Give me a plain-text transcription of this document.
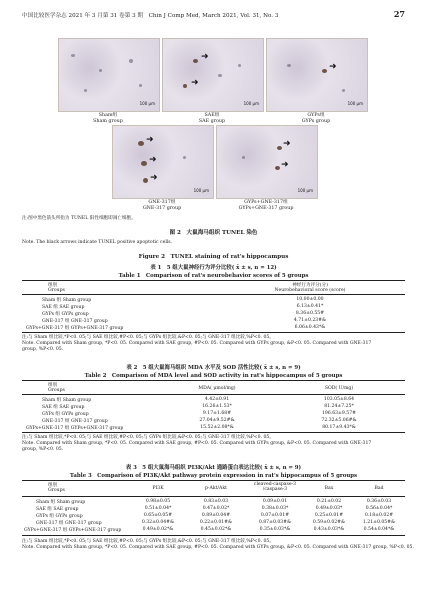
中国比较医学杂志 2021 年 3 月第 31 卷第 3 期　Chin J Comp Med, March 2021, Vol. 31, No. 3	27
100 μm
Sham组
Sham group
➜
➜
100 μm
SAE组
SAE group
➜
100 μm
GYPs组
GYPs group
➜
➜
➜
100 μm
GNE-317组
GNE-317 group
➜
➜
100 μm
GYPs+GNE-317组
GYPs+GNE-317 group
注:图中黑色箭头所指为 TUNEL 阳性细胞即凋亡细胞。
图 2　大鼠海马组织 TUNEL 染色
Note. The black arrows indicate TUNEL positive apoptotic cells.
Figure 2　TUNEL staining of rat's hippocampus
表 1　5 组大鼠神经行为评分比较( x̄ ± s, n = 12)
Table 1　Comparison of rat's neurobehavior scores of 5 groups
组别
Groups
神经行为评分(分)
Neurobehavioral score (score)
Sham 组 Sham group	10.00±0.00
SAE 组 SAE group	6.13±0.41*
GYPs 组 GYPs group	8.36±0.55#
GNE-317 组 GNE-317 group	4.71±0.23#&
GYPs+GNE-317 组 GYPs+GNE-317 group	6.06±0.43*&
注:与 Sham 组比较,*P<0. 05;与 SAE 组比较,#P<0. 05;与 GYPs 组比较,&P<0. 05;与 GNE-317 组比较,%P<0. 05。
Note. Compared with Sham group, *P<0. 05. Compared with SAE group, #P<0. 05. Compared with GYPs group, &P<0. 05. Compared with GNE-317
group, %P<0. 05.
表 2　5 组大鼠海马组织 MDA 水平及 SOD 活性比较( x̄ ± s, n = 9)
Table 2　Comparison of MDA level and SOD activity in rat's hippocampus of 5 groups
组别
Groups	MDA( μmol/mg)	SOD( U/mg)
Sham 组 Sham group	4.42±0.91	103.05±8.64
SAE 组 SAE group	16.26±1.53*	81.24±7.25*
GYPs 组 GYPs group	9.17±1.68#	196.63±9.57#
GNE-317 组 GNE-317 group	27.04±9.52#&	72.32±5.06#&
GYPs+GNE-317 组 GYPs+GNE-317 group	15.52±2.08*&	80.17±9.43*&
注:与 Sham 组比较,*P<0. 05;与 SAE 组比较,#P<0. 05;与 GYPs 组比较,&P<0. 05;与 GNE-317 组比较,%P<0. 05。
Note. Compared with Sham group, *P<0. 05. Compared with SAE group, #P<0. 05. Compared with GYPs group, &P<0. 05. Compared with GNE-317
group, %P<0. 05.
表 3　5 组大鼠海马组织 PI3K/Akt 通路蛋白表达比较( x̄ ± s, n = 9)
Table 3　Comparison of PI3K/Akt pathway protein expression in rat's hippocampus of 5 groups
组别
Groups	PI3K	p-Akt/Akt
cleaved-caspase-3
/caspase-3	Bax	Bad
Sham 组 Sham group	0.98±0.05	0.83±0.03	0.09±0.01	0.21±0.02	0.36±0.03
SAE 组 SAE group	0.51±0.04*	0.47±0.02*	0.38±0.03*	0.49±0.03*	0.56±0.04*
GYPs 组 GYPs group	0.65±0.05#	0.89±0.04#	0.07±0.01#	0.25±0.01#	0.18±0.02#
GNE-317 组 GNE-317 group	0.32±0.04#&	0.22±0.01#&	0.87±0.03#&	0.59±0.02#&	1.21±0.05#&
GYPs+GNE-317 组 GYPs+GNE-317 group	0.49±0.02*&	0.45±0.02*&	0.35±0.03*&	0.43±0.03*&	0.54±0.04*&
注:与 Sham 组比较,*P<0. 05;与 SAE 组比较,#P<0. 05;与 GYPs 组比较,&P<0. 05;与 GNE-317 组比较,%P<0. 05。
Note. Compared with Sham group, *P<0. 05. Compared with SAE group, #P<0. 05. Compared with GYPs group, &P<0. 05. Compared with GNE-317 group, %P<0. 05.
